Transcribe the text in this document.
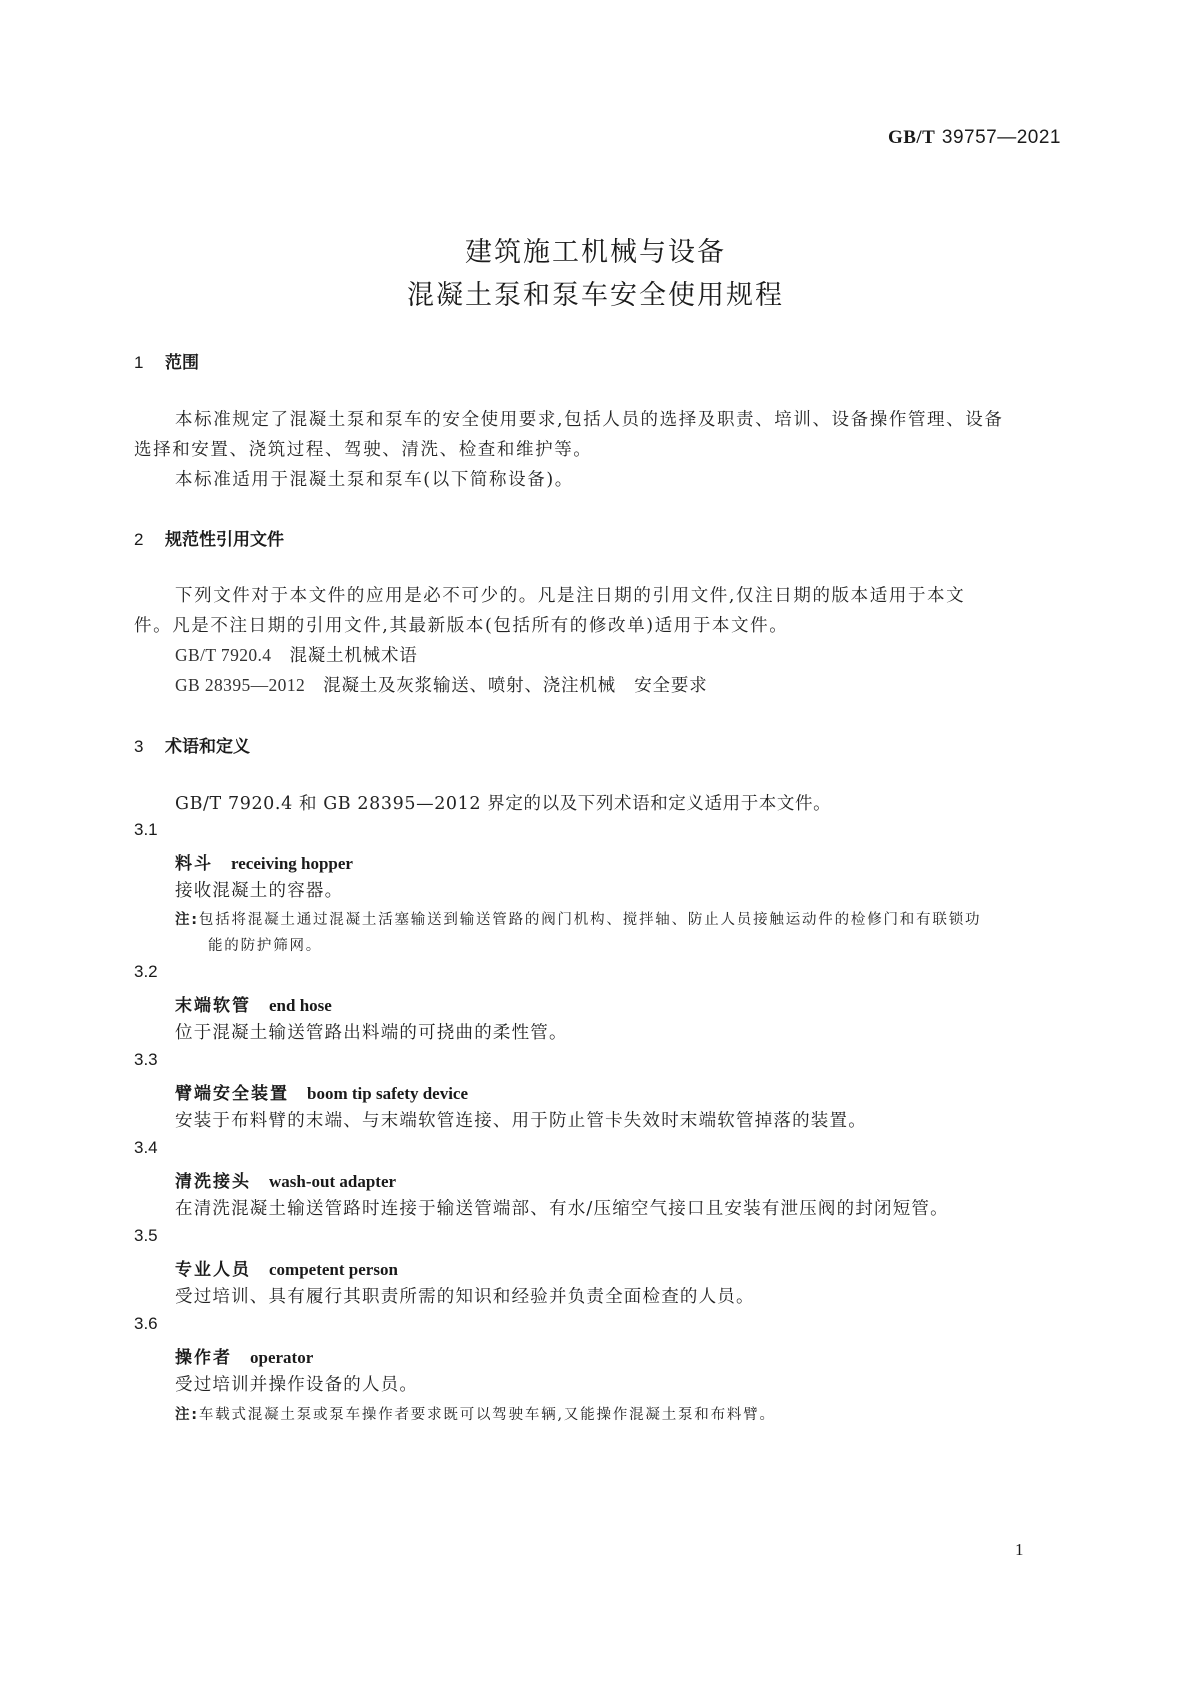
GB/T 39757—2021
建筑施工机械与设备
混凝土泵和泵车安全使用规程
1 范围
本标准规定了混凝土泵和泵车的安全使用要求,包括人员的选择及职责、培训、设备操作管理、设备
选择和安置、浇筑过程、驾驶、清洗、检查和维护等。
本标准适用于混凝土泵和泵车(以下简称设备)。
2 规范性引用文件
下列文件对于本文件的应用是必不可少的。凡是注日期的引用文件,仅注日期的版本适用于本文
件。凡是不注日期的引用文件,其最新版本(包括所有的修改单)适用于本文件。
GB/T 7920.4 混凝土机械术语
GB 28395—2012 混凝土及灰浆输送、喷射、浇注机械　安全要求
3 术语和定义
GB/T 7920.4 和 GB 28395—2012 界定的以及下列术语和定义适用于本文件。
3.1
料斗 receiving hopper
接收混凝土的容器。
注:包括将混凝土通过混凝土活塞输送到输送管路的阀门机构、搅拌轴、防止人员接触运动件的检修门和有联锁功
能的防护筛网。
3.2
末端软管 end hose
位于混凝土输送管路出料端的可挠曲的柔性管。
3.3
臂端安全装置 boom tip safety device
安装于布料臂的末端、与末端软管连接、用于防止管卡失效时末端软管掉落的装置。
3.4
清洗接头 wash-out adapter
在清洗混凝土输送管路时连接于输送管端部、有水/压缩空气接口且安装有泄压阀的封闭短管。
3.5
专业人员 competent person
受过培训、具有履行其职责所需的知识和经验并负责全面检查的人员。
3.6
操作者 operator
受过培训并操作设备的人员。
注:车载式混凝土泵或泵车操作者要求既可以驾驶车辆,又能操作混凝土泵和布料臂。
1
